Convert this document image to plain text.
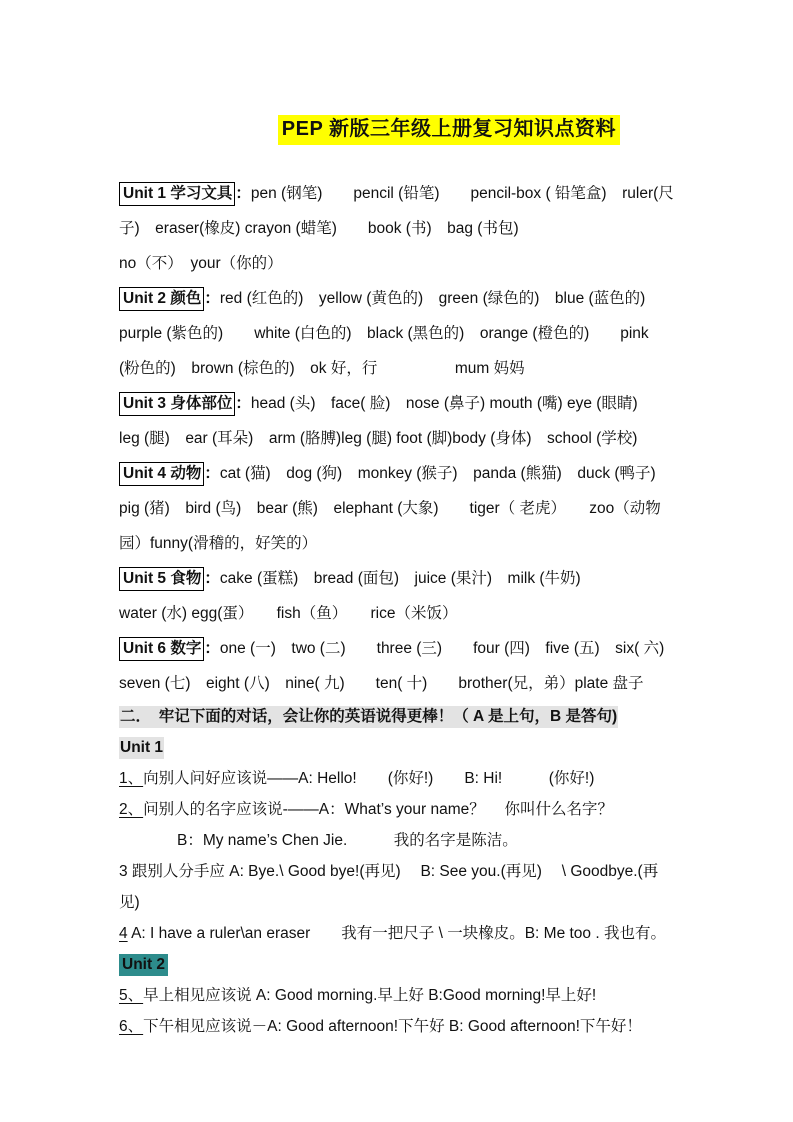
PEP 新版三年级上册复习知识点资料

Unit 1 学习文具 ：pen (钢笔)　　pencil (铅笔)　　pencil-box ( 铅笔盒)　ruler(尺
子)　eraser(橡皮) crayon (蜡笔)　　book (书)　bag (书包)
no（不）　your（你的）
Unit 2 颜色 ：red (红色的)　yellow (黄色的)　green (绿色的)　blue (蓝色的)
purple (紫色的)　　white (白色的)　black (黑色的)　orange (橙色的)　　pink
(粉色的)　brown (棕色的)　ok 好，行　　　　　mum 妈妈
Unit 3 身体部位 ：head (头)　face( 脸)　nose (鼻子) mouth (嘴) eye (眼睛)
leg (腿)　ear (耳朵)　arm (胳膊)leg (腿) foot (脚)body (身体)　school (学校)
Unit 4 动物 ：cat (猫)　dog (狗)　monkey (猴子)　panda (熊猫)　duck (鸭子)
pig (猪)　bird (鸟)　bear (熊)　elephant (大象)　　tiger（ 老虎）　　zoo（动物
园）funny(滑稽的，好笑的）
Unit 5 食物 ：cake (蛋糕)　bread (面包)　juice (果汁)　milk (牛奶)
water (水) egg(蛋）　　fish（鱼）　　rice（米饭）
Unit 6 数字 ：one (一)　two (二)　　three (三)　　four (四)　five (五)　six( 六)
seven (七)　eight (八)　nine( 九)　　ten( 十)　　brother(兄，弟）plate 盘子
二．　牢记下面的对话，会让你的英语说得更棒！（ A 是上句，B 是答句)
Unit 1
1、向别人问好应该说――A: Hello!　　(你好!)　　B: Hi!　　　(你好!)
2、问别人的名字应该说-――A：What’s your name？　 你叫什么名字？
B：My name’s Chen Jie.　　　我的名字是陈洁。
3 跟别人分手应 A: Bye.\ Good bye!(再见)　 B: See you.(再见)　 \ Goodbye.(再
见)
4 A: I have a ruler\an eraser　　我有一把尺子 \ 一块橡皮。B: Me too . 我也有。
Unit 2
5、早上相见应该说 A: Good morning.早上好 B:Good morning!早上好!
6、下午相见应该说－A: Good afternoon!下午好 B: Good afternoon!下午好！
